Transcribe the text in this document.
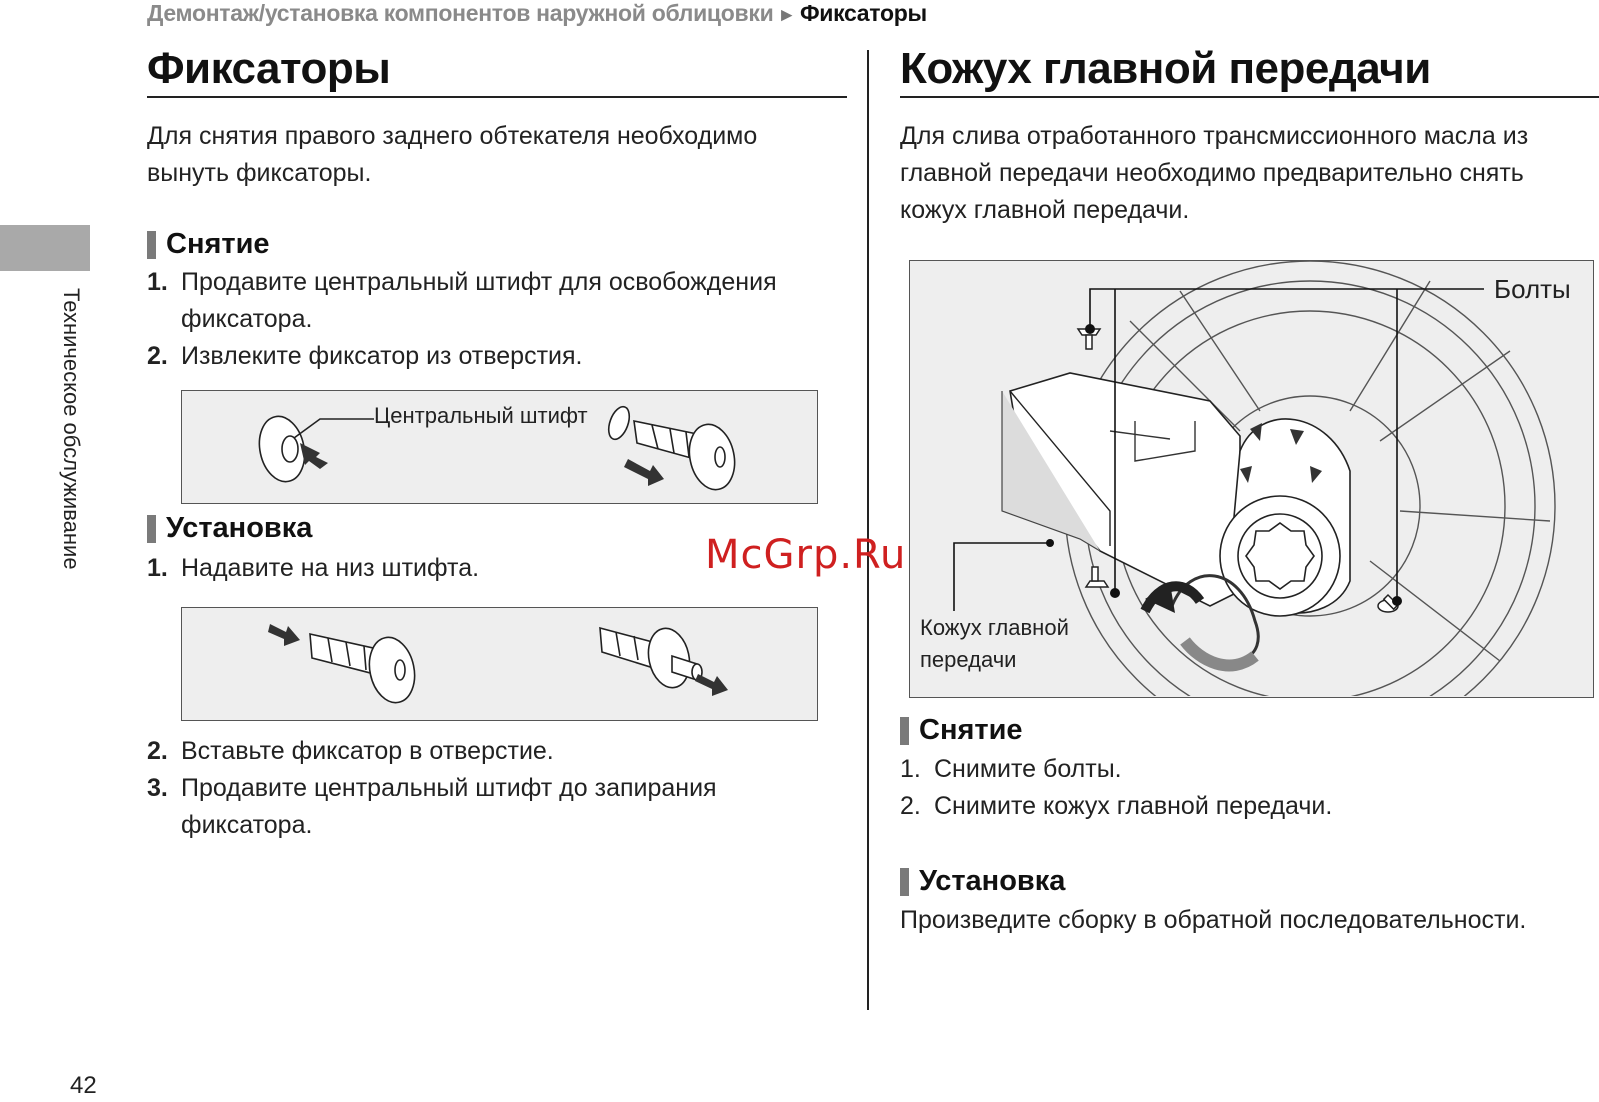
Демонтаж/установка компонентов наружной облицовки ► Фиксаторы
Техническое обслуживание
42
Фиксаторы
Для снятия правого заднего обтекателя необходимо вынуть фиксаторы.
Снятие
1. Продавите центральный штифт для освобождения фиксатора.
2. Извлеките фиксатор из отверстия.
Центральный штифт
Установка
1. Надавите на низ штифта.
2. Вставьте фиксатор в отверстие.
3. Продавите центральный штифт до запирания фиксатора.
Кожух главной передачи
Для слива отработанного трансмиссионного масла из главной передачи необходимо предварительно снять кожух главной передачи.
Болты
Кожух главной
передачи
Снятие
1. Снимите болты.
2. Снимите кожух главной передачи.
Установка
Произведите сборку в обратной последовательности.
McGrp.Ru
